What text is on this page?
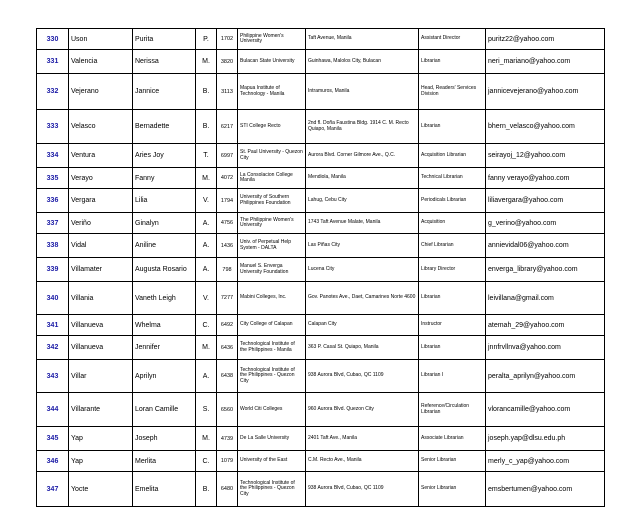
330	Uson	Purita	P.	1702	Philippine Women's University	Taft Avenue, Manila	Assistant Director	puritz22@yahoo.com
331	Valencia	Nerissa	M.	3820	Bulacan State University	Guinhawa, Malolos City, Bulacan	Librarian	neri_mariano@yahoo.com
332	Vejerano	Jannice	B.	3113	Mapua Institute of Technology - Manila	Intramuros, Manila	Head, Readers' Services Division	jannicevejerano@yahoo.com
333	Velasco	Bernadette	B.	6217	STI College Recto	2nd fl. Doña Faustina Bldg. 1914 C. M. Recto Quiapo, Manila	Librarian	bhern_velasco@yahoo.com
334	Ventura	Aries Joy	T.	6997	St. Paul University - Quezon City	Aurora Blvd. Corner Gilmore Ave., Q.C.	Acquisition Librarian	seirayoj_12@yahoo.com
335	Verayo	Fanny	M.	4072	La Consolacion College Manila	Mendiola, Manila	Technical Librarian	fanny verayo@yahoo.com
336	Vergara	Lilia	V.	1794	University of Southern Philippines Foundation	Lahug, Cebu City	Periodicals Librarian	liliavergara@yahoo.com
337	Veriño	Ginalyn	A.	4756	The Philippine Women's University	1743 Taft Avenue Malate, Manila	Acquisition	g_verino@yahoo.com
338	Vidal	Aniline	A.	1436	Univ. of Perpetual Help System - DALTA	Las Piñas City	Chief Librarian	annievidal06@yahoo.com
339	Villamater	Augusta Rosario	A.	798	Manuel S. Enverga University Foundation	Lucena City	Library Director	enverga_library@yahoo.com
340	Villania	Vaneth Leigh	V.	7277	Mabini Colleges, Inc.	Gov. Panotes Ave., Daet, Camarines Norte 4600	Librarian	leivillana@gmail.com
341	Villanueva	Whelma	C.	6492	City College of Calapan	Calapan City	Instructor	atemah_29@yahoo.com
342	Villanueva	Jennifer	M.	6436	Technological Institute of the Philippines - Manila	363 P. Casal St. Quiapo, Manila	Librarian	jnnfrvllnva@yahoo.com
343	Villar	Aprilyn	A.	6438	Technological Institute of the Philippines - Quezon City	938 Aurora Blvd, Cubao, QC 1109	Librarian I	peralta_aprilyn@yahoo.com
344	Villarante	Loran Camille	S.	6560	World Citi Colleges	960 Aurora Blvd. Quezon City	Reference/Circulation Librarian	vlorancamille@yahoo.com
345	Yap	Joseph	M.	4739	De La Salle University	2401 Taft Ave., Manila	Associate Librarian	joseph.yap@dlsu.edu.ph
346	Yap	Merlita	C.	1079	University of the East	C.M. Recto Ave., Manila	Senior Librarian	merly_c_yap@yahoo.com
347	Yocte	Emelita	B.	6480	Technological Institute of the Philippines - Quezon City	938 Aurora Blvd, Cubao, QC 1109	Senior Librarian	emsbertumen@yahoo.com
